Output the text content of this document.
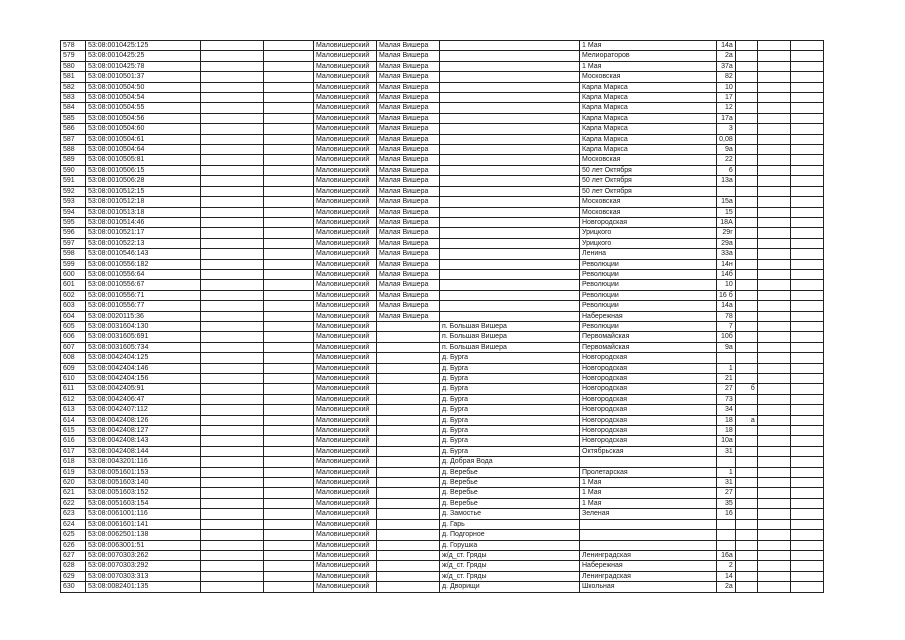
578	53:08:0010425:125			Маловишерский	Малая Вишера		1 Мая	14а			
579	53:08:0010425:25			Маловишерский	Малая Вишера		Мелиораторов	2а			
580	53:08:0010425:78			Маловишерский	Малая Вишера		1 Мая	37а			
581	53:08:0010501:37			Маловишерский	Малая Вишера		Московская	82			
582	53:08:0010504:50			Маловишерский	Малая Вишера		Карла Маркса	10			
583	53:08:0010504:54			Маловишерский	Малая Вишера		Карла Маркса	17			
584	53:08:0010504:55			Маловишерский	Малая Вишера		Карла Маркса	12			
585	53:08:0010504:56			Маловишерский	Малая Вишера		Карла Маркса	17а			
586	53:08:0010504:60			Маловишерский	Малая Вишера		Карла Маркса	3			
587	53:08:0010504:61			Маловишерский	Малая Вишера		Карла Маркса	0,08			
588	53:08:0010504:64			Маловишерский	Малая Вишера		Карла Маркса	9а			
589	53:08:0010505:81			Маловишерский	Малая Вишера		Московская	22			
590	53:08:0010506:15			Маловишерский	Малая Вишера		50 лет Октября	6			
591	53:08:0010506:28			Маловишерский	Малая Вишера		50 лет Октября	13а			
592	53:08:0010512:15			Маловишерский	Малая Вишера		50 лет Октября				
593	53:08:0010512:18			Маловишерский	Малая Вишера		Московская	15а			
594	53:08:0010513:18			Маловишерский	Малая Вишера		Московская	15			
595	53:08:0010514:46			Маловишерский	Малая Вишера		Новгородская	18А			
596	53:08:0010521:17			Маловишерский	Малая Вишера		Урицкого	29г			
597	53:08:0010522:13			Маловишерский	Малая Вишера		Урицкого	29а			
598	53:08:0010546:143			Маловишерский	Малая Вишера		Ленина	33а			
599	53:08:0010556:182			Маловишерский	Малая Вишера		Революции	14н			
600	53:08:0010556:64			Маловишерский	Малая Вишера		Революции	14б			
601	53:08:0010556:67			Маловишерский	Малая Вишера		Революции	10			
602	53:08:0010556:71			Маловишерский	Малая Вишера		Революции	16 б			
603	53:08:0010556:77			Маловишерский	Малая Вишера		Революции	14а			
604	53:08:0020115:36			Маловишерский	Малая Вишера		Набережная	78			
605	53:08:0031604:130			Маловишерский		п. Большая Вишера	Революции	7			
606	53:08:0031605:691			Маловишерский		п. Большая Вишера	Первомайская	10б			
607	53:08:0031605:734			Маловишерский		п. Большая Вишера	Первомайская	9а			
608	53:08:0042404:125			Маловишерский		д. Бурга	Новгородская				
609	53:08:0042404:146			Маловишерский		д. Бурга	Новгородская	1			
610	53:08:0042404:156			Маловишерский		д. Бурга	Новгородская	21			
611	53:08:0042405:91			Маловишерский		д. Бурга	Новгородская	27	б		
612	53:08:0042406:47			Маловишерский		д. Бурга	Новгородская	73			
613	53:08:0042407:112			Маловишерский		д. Бурга	Новгородская	34			
614	53:08:0042408:126			Маловишерский		д. Бурга	Новгородская	18	а		
615	53:08:0042408:127			Маловишерский		д. Бурга	Новгородская	18			
616	53:08:0042408:143			Маловишерский		д. Бурга	Новгородская	10а			
617	53:08:0042408:144			Маловишерский		д. Бурга	Октябрьская	31			
618	53:08:0043201:116			Маловишерский		д. Добрая Вода					
619	53:08:0051601:153			Маловишерский		д. Веребье	Пролетарская	1			
620	53:08:0051603:140			Маловишерский		д. Веребье	1 Мая	31			
621	53:08:0051603:152			Маловишерский		д. Веребье	1 Мая	27			
622	53:08:0051603:154			Маловишерский		д. Веребье	1 Мая	35			
623	53:08:0061001:116			Маловишерский		д. Замостье	Зеленая	16			
624	53:08:0061601:141			Маловишерский		д. Гарь					
625	53:08:0062501:138			Маловишерский		д. Подгорное					
626	53:08:0063001:51			Маловишерский		д. Горушка					
627	53:08:0070303:262			Маловишерский		ж/д_ст. Гряды	Ленинградская	16а			
628	53:08:0070303:292			Маловишерский		ж/д_ст. Гряды	Набережная	2			
629	53:08:0070303:313			Маловишерский		ж/д_ст. Гряды	Ленинградская	14			
630	53:08:0082401:135			Маловишерский		д. Дворищи	Школьная	2а			
